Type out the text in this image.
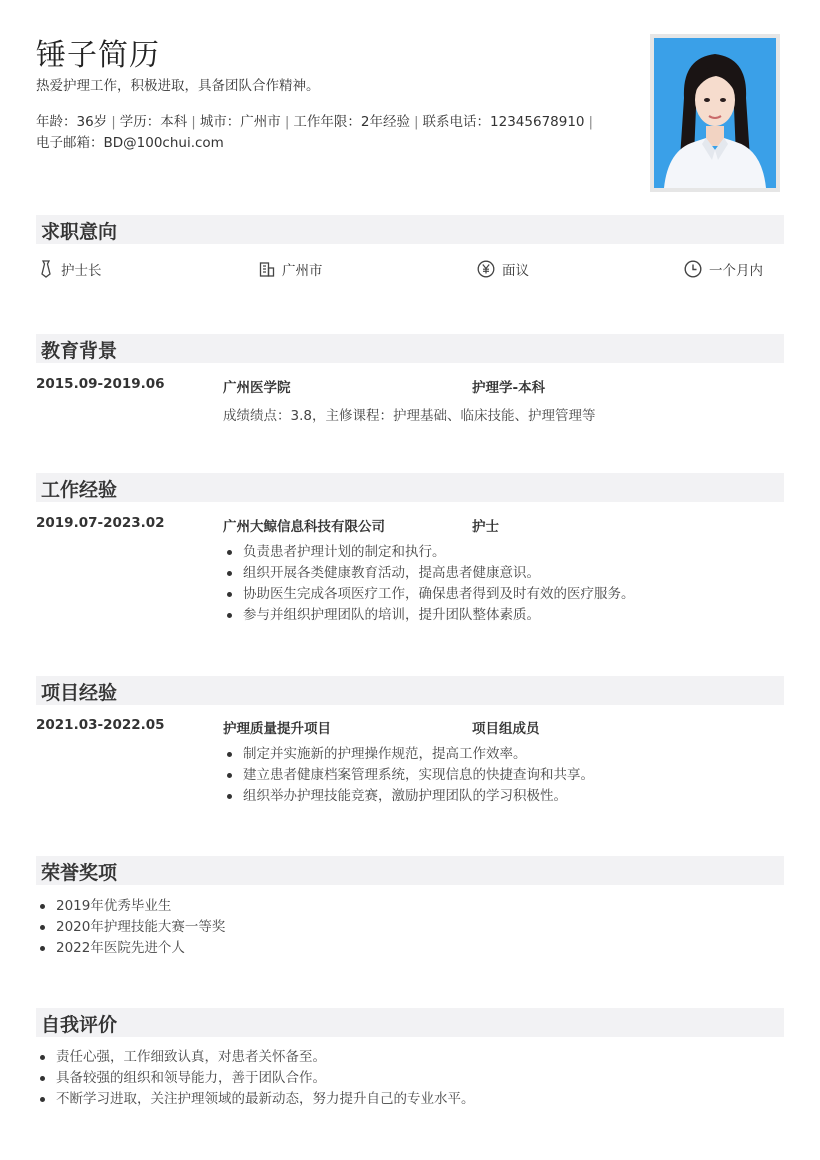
锤子简历
热爱护理工作，积极进取，具备团队合作精神。
年龄：36岁 | 学历：本科 | 城市：广州市 | 工作年限：2年经验 | 联系电话：12345678910 |
电子邮箱：BD@100chui.com
求职意向
护士长	广州市	面议	一个月内
教育背景
2015.09-2019.06	广州医学院	护理学-本科
成绩绩点：3.8，主修课程：护理基础、临床技能、护理管理等
工作经验
2019.07-2023.02	广州大鲸信息科技有限公司	护士
负责患者护理计划的制定和执行。
组织开展各类健康教育活动，提高患者健康意识。
协助医生完成各项医疗工作，确保患者得到及时有效的医疗服务。
参与并组织护理团队的培训，提升团队整体素质。
项目经验
2021.03-2022.05	护理质量提升项目	项目组成员
制定并实施新的护理操作规范，提高工作效率。
建立患者健康档案管理系统，实现信息的快捷查询和共享。
组织举办护理技能竞赛，激励护理团队的学习积极性。
荣誉奖项
2019年优秀毕业生
2020年护理技能大赛一等奖
2022年医院先进个人
自我评价
责任心强，工作细致认真，对患者关怀备至。
具备较强的组织和领导能力，善于团队合作。
不断学习进取，关注护理领域的最新动态，努力提升自己的专业水平。
